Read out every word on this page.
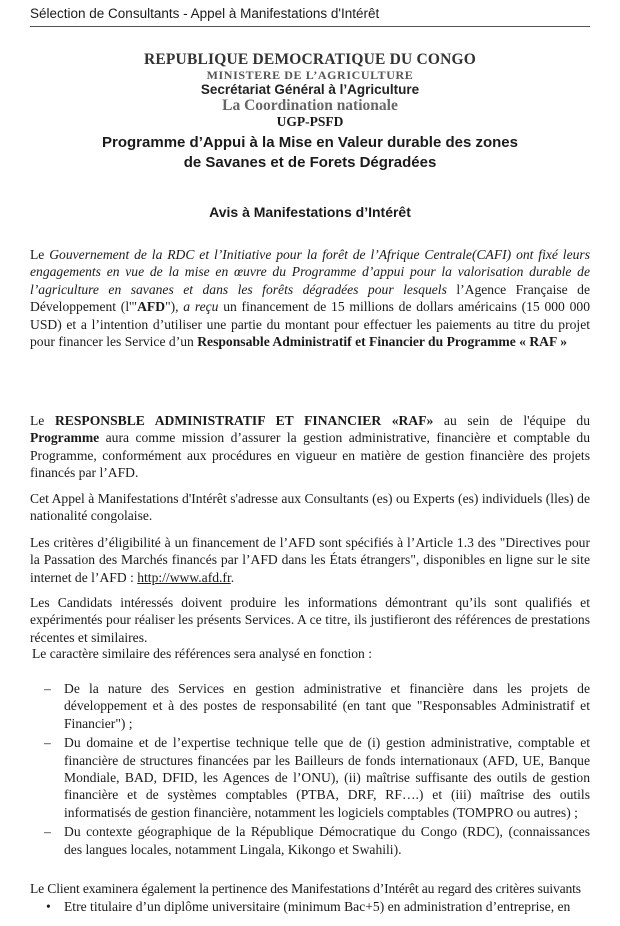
Sélection de Consultants - Appel à Manifestations d'Intérêt
REPUBLIQUE DEMOCRATIQUE DU CONGO
MINISTERE DE L’AGRICULTURE
Secrétariat Général à l’Agriculture
La Coordination nationale
UGP-PSFD
Programme d’Appui à la Mise en Valeur durable des zones
de Savanes et de Forets Dégradées
Avis à Manifestations d’Intérêt

Le Gouvernement de la RDC et l’Initiative pour la forêt de l’Afrique Centrale(CAFI) ont fixé leurs engagements en vue de la mise en œuvre du Programme d’appui pour la valorisation durable de l’agriculture en savanes et dans les forêts dégradées pour lesquels l’Agence Française de Développement (l'"AFD"), a reçu un financement de 15 millions de dollars américains (15 000 000 USD) et a l’intention d’utiliser une partie du montant pour effectuer les paiements au titre du projet pour financer les Service d’un Responsable Administratif et Financier du Programme « RAF »

Le RESPONSBLE ADMINISTRATIF ET FINANCIER «RAF» au sein de l'équipe du Programme aura comme mission d’assurer la gestion administrative, financière et comptable du Programme, conformément aux procédures en vigueur en matière de gestion financière des projets financés par l’AFD.

Cet Appel à Manifestations d'Intérêt s'adresse aux Consultants (es) ou Experts (es) individuels (lles) de nationalité congolaise.

Les critères d’éligibilité à un financement de l’AFD sont spécifiés à l’Article 1.3 des "Directives pour la Passation des Marchés financés par l’AFD dans les États étrangers", disponibles en ligne sur le site internet de l’AFD : http://www.afd.fr.

Les Candidats intéressés doivent produire les informations démontrant qu’ils sont qualifiés et expérimentés pour réaliser les présents Services. A ce titre, ils justifieront des références de prestations récentes et similaires.

Le caractère similaire des références sera analysé en fonction :

– De la nature des Services en gestion administrative et financière dans les projets de développement et à des postes de responsabilité (en tant que "Responsables Administratif et Financier") ;
– Du domaine et de l’expertise technique telle que de (i) gestion administrative, comptable et financière de structures financées par les Bailleurs de fonds internationaux (AFD, UE, Banque Mondiale, BAD, DFID, les Agences de l’ONU), (ii) maîtrise suffisante des outils de gestion financière et de systèmes comptables (PTBA, DRF, RF….) et (iii) maîtrise des outils informatisés de gestion financière, notamment les logiciels comptables (TOMPRO ou autres) ;
– Du contexte géographique de la République Démocratique du Congo (RDC), (connaissances des langues locales, notamment Lingala, Kikongo et Swahili).

Le Client examinera également la pertinence des Manifestations d’Intérêt au regard des critères suivants

• Etre titulaire d’un diplôme universitaire (minimum Bac+5) en administration d’entreprise, en
